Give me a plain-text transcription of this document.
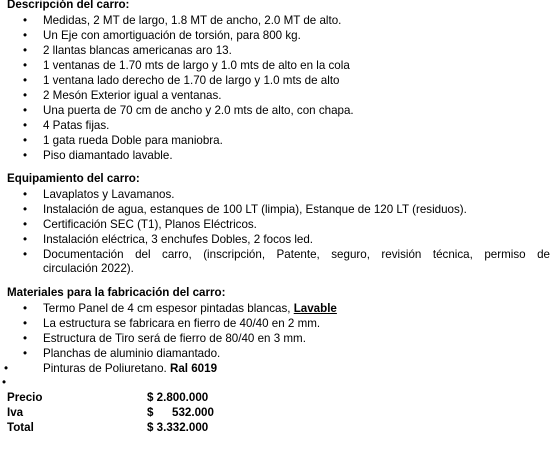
Descripción del carro:
• Medidas, 2 MT de largo, 1.8 MT de ancho, 2.0 MT de alto.
• Un Eje con amortiguación de torsión, para 800 kg.
• 2 llantas blancas americanas aro 13.
• 1 ventanas de 1.70 mts de largo y 1.0 mts de alto en la cola
• 1 ventana lado derecho de 1.70 de largo y 1.0 mts de alto
• 2 Mesón Exterior igual a ventanas.
• Una puerta de 70 cm de ancho y 2.0 mts de alto, con chapa.
• 4 Patas fijas.
• 1 gata rueda Doble para maniobra.
• Piso diamantado lavable.
Equipamiento del carro:
• Lavaplatos y Lavamanos.
• Instalación de agua, estanques de 100 LT (limpia), Estanque de 120 LT (residuos).
• Certificación SEC (T1), Planos Eléctricos.
• Instalación eléctrica, 3 enchufes Dobles, 2 focos led.
• Documentación del carro, (inscripción, Patente, seguro, revisión técnica, permiso de
circulación 2022).
Materiales para la fabricación del carro:
• Termo Panel de 4 cm espesor pintadas blancas, Lavable
• La estructura se fabricara en fierro de 40/40 en 2 mm.
• Estructura de Tiro será de fierro de 80/40 en 3 mm.
• Planchas de aluminio diamantado.
• Pinturas de Poliuretano. Ral 6019
•
Precio	$ 2.800.000
Iva	$ 532.000
Total	$ 3.332.000
